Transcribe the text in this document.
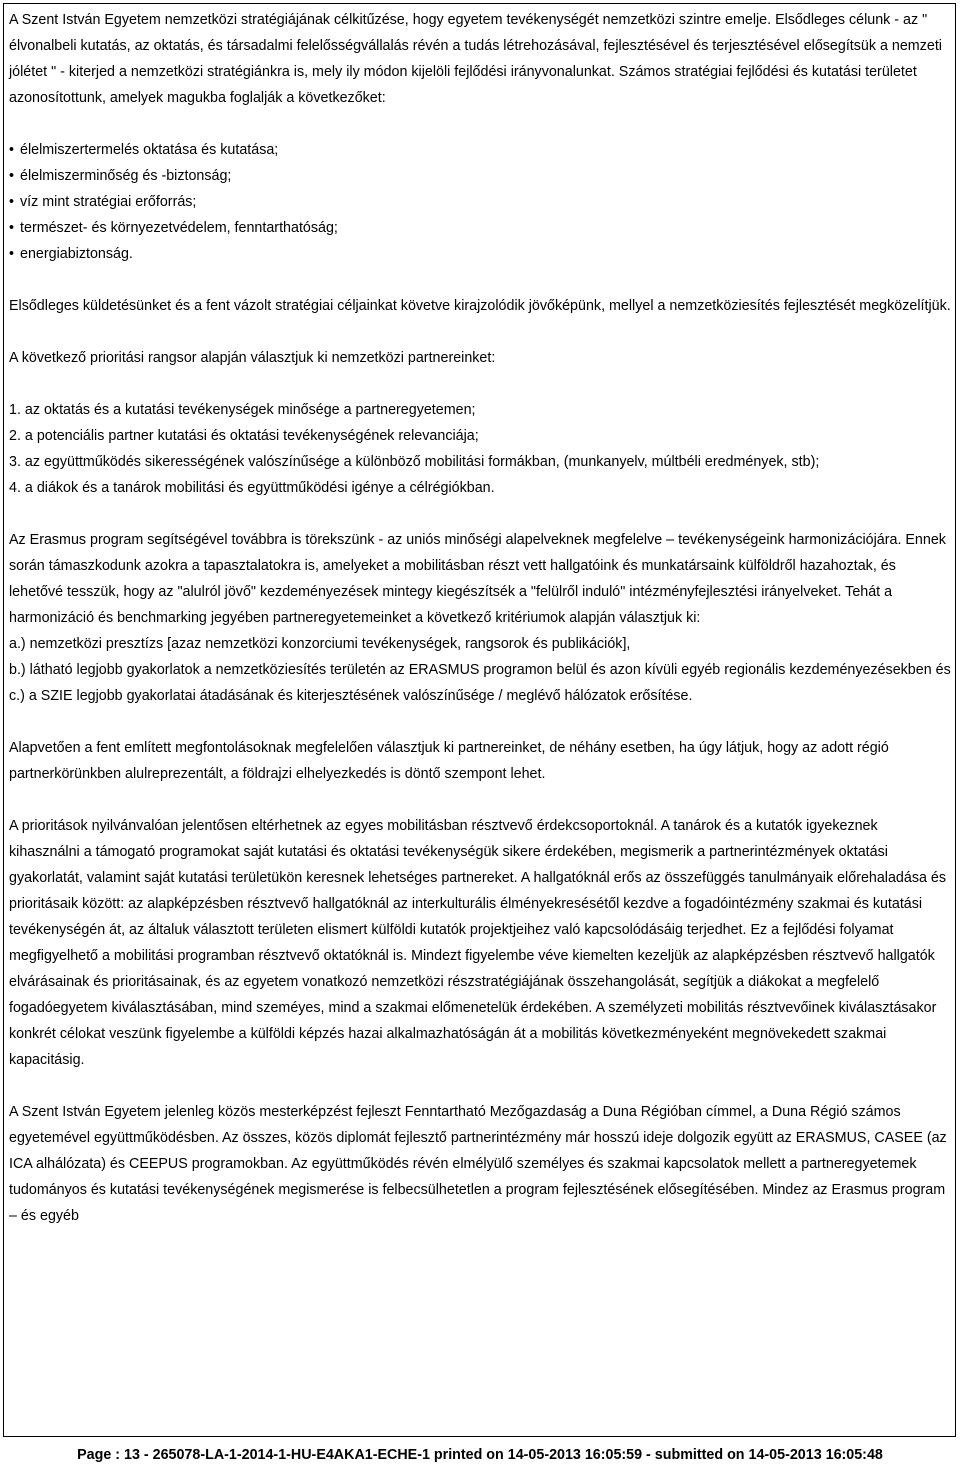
A Szent István Egyetem nemzetközi stratégiájának célkitűzése, hogy egyetem tevékenységét nemzetközi szintre emelje. Elsődleges célunk - az " élvonalbeli kutatás, az oktatás, és társadalmi felelősségvállalás révén a tudás létrehozásával, fejlesztésével és terjesztésével elősegítsük a nemzeti jólétet " - kiterjed a nemzetközi stratégiánkra is, mely ily módon kijelöli fejlődési irányvonalunkat. Számos stratégiai fejlődési és kutatási területet azonosítottunk, amelyek magukba foglalják a következőket:

• élelmiszertermelés oktatása és kutatása;
• élelmiszerminőség és -biztonság;
• víz mint stratégiai erőforrás;
• természet- és környezetvédelem, fenntarthatóság;
• energiabiztonság.

Elsődleges küldetésünket és a fent vázolt stratégiai céljainkat követve kirajzolódik jövőképünk, mellyel a nemzetköziesítés fejlesztését megközelítjük.

A következő prioritási rangsor alapján választjuk ki nemzetközi partnereinket:

1. az oktatás és a kutatási tevékenységek minősége a partneregyetemen;

2. a potenciális partner kutatási és oktatási tevékenységének relevanciája;

3. az együttműködés sikerességének valószínűsége a különböző mobilitási formákban, (munkanyelv, múltbéli eredmények, stb);

4. a diákok és a tanárok mobilitási és együttműködési igénye a célrégiókban.

Az Erasmus program segítségével továbbra is törekszünk - az uniós minőségi alapelveknek megfelelve – tevékenységeink harmonizációjára. Ennek során támaszkodunk azokra a tapasztalatokra is, amelyeket a mobilitásban részt vett hallgatóink és munkatársaink külföldről hazahoztak, és lehetővé tesszük, hogy az "alulról jövő" kezdeményezések mintegy kiegészítsék a "felülről induló" intézményfejlesztési irányelveket. Tehát a harmonizáció és benchmarking jegyében partneregyetemeinket a következő kritériumok alapján választjuk ki:

a.) nemzetközi presztízs [azaz nemzetközi konzorciumi tevékenységek, rangsorok és publikációk],

b.) látható legjobb gyakorlatok a nemzetköziesítés területén az ERASMUS programon belül és azon kívüli egyéb regionális kezdeményezésekben és

c.) a SZIE legjobb gyakorlatai átadásának és kiterjesztésének valószínűsége / meglévő hálózatok erősítése.

Alapvetően a fent említett megfontolásoknak megfelelően választjuk ki partnereinket, de néhány esetben, ha úgy látjuk, hogy az adott régió partnerkörünkben alulreprezentált, a földrajzi elhelyezkedés is döntő szempont lehet.

A prioritások nyilvánvalóan jelentősen eltérhetnek az egyes mobilitásban résztvevő érdekcsoportoknál. A tanárok és a kutatók igyekeznek kihasználni a támogató programokat saját kutatási és oktatási tevékenységük sikere érdekében, megismerik a partnerintézmények oktatási gyakorlatát, valamint saját kutatási területükön keresnek lehetséges partnereket. A hallgatóknál erős az összefüggés tanulmányaik előrehaladása és prioritásaik között: az alapképzésben résztvevő hallgatóknál az interkulturális élményekresésétől kezdve a fogadóintézmény szakmai és kutatási tevékenységén át, az általuk választott területen elismert külföldi kutatók projektjeihez való kapcsolódásáig terjedhet. Ez a fejlődési folyamat megfigyelhető a mobilitási programban résztvevő oktatóknál is. Mindezt figyelembe véve kiemelten kezeljük az alapképzésben résztvevő hallgatók elvárásainak és prioritásainak, és az egyetem vonatkozó nemzetközi részstratégiájának összehangolását, segítjük a diákokat a megfelelő fogadóegyetem kiválasztásában, mind szeméyes, mind a szakmai előmenetelük érdekében. A személyzeti mobilitás résztvevőinek kiválasztásakor konkrét célokat veszünk figyelembe a külföldi képzés hazai alkalmazhatóságán át a mobilitás következményeként megnövekedett szakmai kapacitásig.

A Szent István Egyetem jelenleg közös mesterképzést fejleszt Fenntartható Mezőgazdaság a Duna Régióban címmel, a Duna Régió számos egyetemével együttműködésben. Az összes, közös diplomát fejlesztő partnerintézmény már hosszú ideje dolgozik együtt az ERASMUS, CASEE (az ICA alhálózata) és CEEPUS programokban. Az együttműködés révén elmélyülő személyes és szakmai kapcsolatok mellett a partneregyetemek tudományos és kutatási tevékenységének megismerése is felbecsülhetetlen a program fejlesztésének elősegítésében. Mindez az Erasmus program – és egyéb

Page : 13 - 265078-LA-1-2014-1-HU-E4AKA1-ECHE-1 printed on 14-05-2013 16:05:59 - submitted on 14-05-2013 16:05:48
